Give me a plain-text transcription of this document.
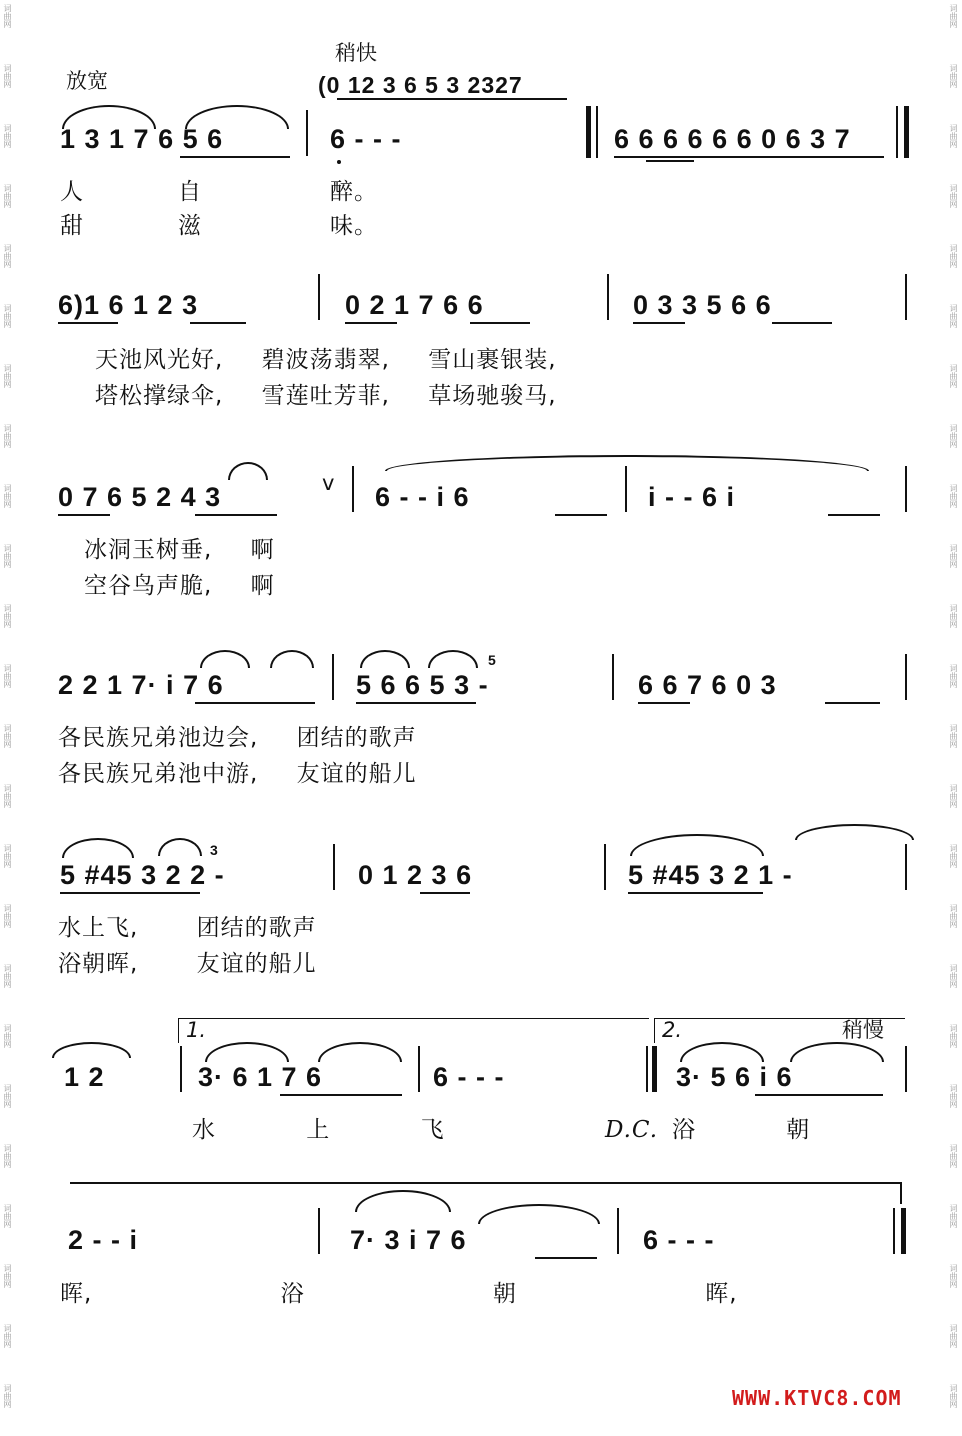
词曲网
词曲网
词曲网
词曲网
词曲网
词曲网
词曲网
词曲网
词曲网
词曲网
词曲网
词曲网
词曲网
词曲网
词曲网
词曲网
词曲网
词曲网
词曲网
词曲网
词曲网
词曲网
词曲网
词曲网
词曲网
词曲网
词曲网
词曲网
词曲网
词曲网
词曲网
词曲网
词曲网
词曲网
词曲网
词曲网
词曲网
词曲网
词曲网
词曲网
词曲网
词曲网
词曲网
词曲网
词曲网
词曲网
词曲网
词曲网
放宽
稍快
(0 12 3 6 5 3 2327
1 3 1 7 6 5 6	6 - - -	6 6 6 6 6 6 0 6 3 7
人	自	醉。
甜	滋	味。
6)1 6 1 2 3	0 2 1 7 6 6	0 3 3 5 6 6
天池风光好, 碧波荡翡翠, 雪山裹银装,
塔松撑绿伞, 雪莲吐芳菲, 草场驰骏马,
0 7 6 5 2 4 3	v 6 - - i 6	i - - 6 i
冰洞玉树垂, 啊
空谷鸟声脆, 啊
2 2 1 7· i 7 6	5 6 6 5 3 -
5
6 6 7 6 0 3
各民族兄弟池边会, 团结的歌声
各民族兄弟池中游, 友谊的船儿
5 #45 3 2 2 -
3
0 1 2 3 6	5 #45 3 2 1 -
水上飞, 团结的歌声
浴朝晖, 友谊的船儿
1.	2.	稍慢
1 2	3· 6 1 7 6	6 - - -	3· 5 6 i 6
水 上 飞	D.C. 浴 朝
2 - - i	7· 3 i 7 6	6 - - -
晖, 浴 朝 晖,
WWW.KTVC8.COM
